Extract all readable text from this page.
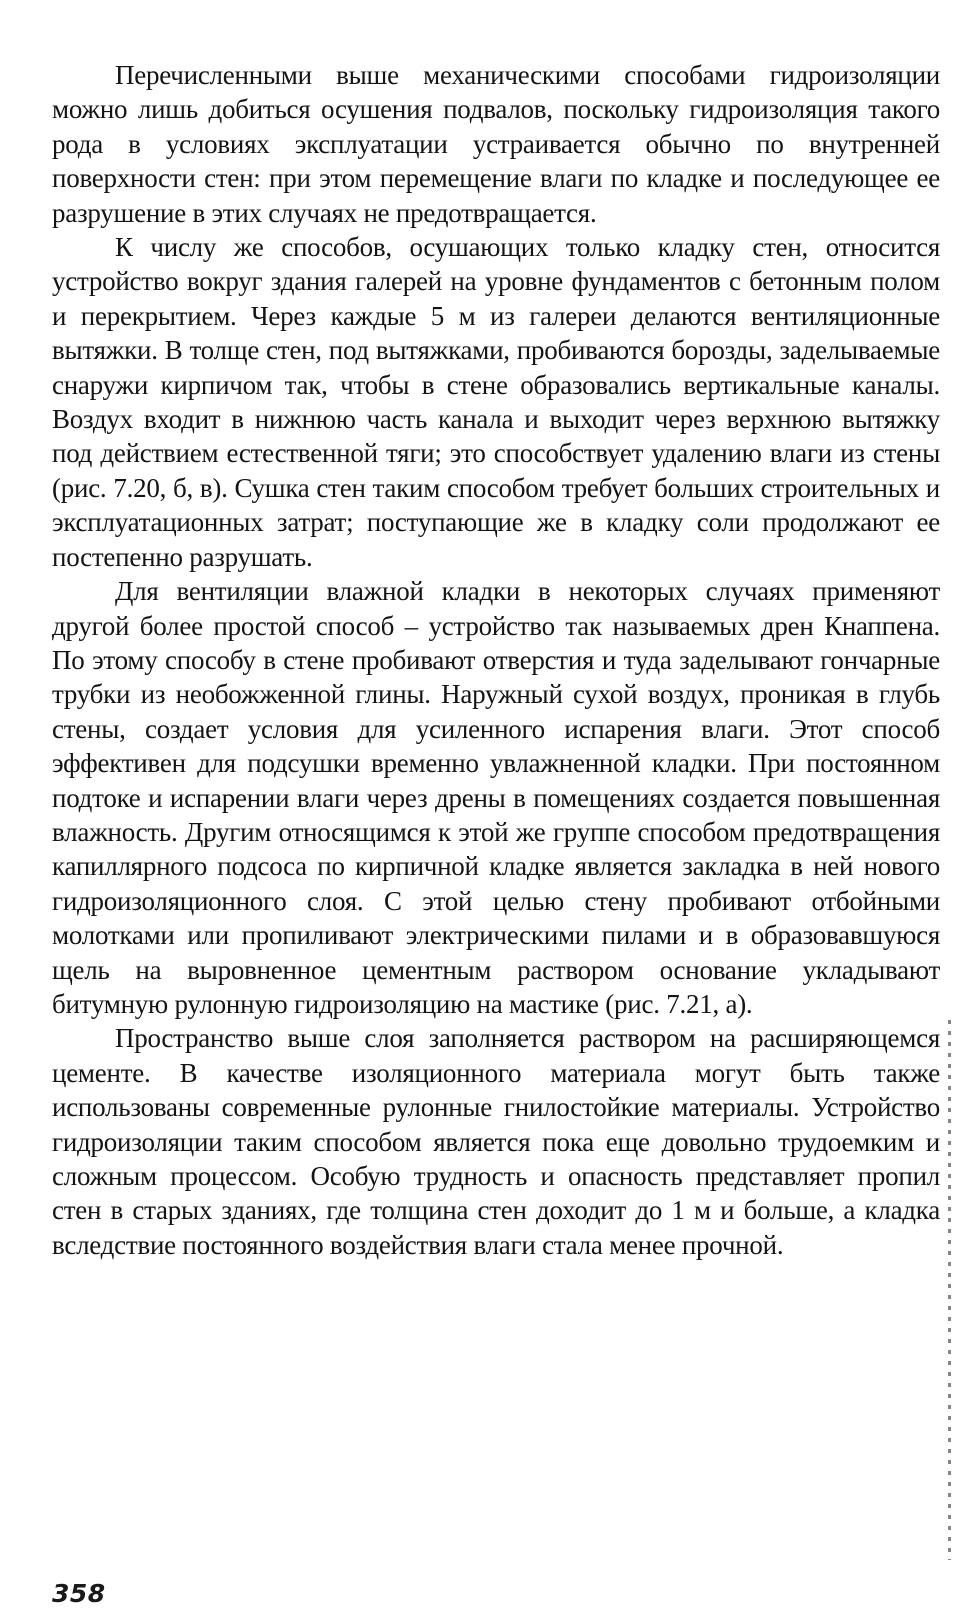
Перечисленными выше механическими способами гидроизоляции можно лишь добиться осушения подвалов, поскольку гидроизоляция такого рода в условиях эксплуатации устраивается обычно по внутренней поверхности стен: при этом перемещение влаги по кладке и последующее ее разрушение в этих случаях не предотвращается.

К числу же способов, осушающих только кладку стен, относится устройство вокруг здания галерей на уровне фундаментов с бетонным полом и перекрытием. Через каждые 5 м из галереи делаются вентиляционные вытяжки. В толще стен, под вытяжками, пробиваются борозды, заделываемые снаружи кирпичом так, чтобы в стене образовались вертикальные каналы. Воздух входит в нижнюю часть канала и выходит через верхнюю вытяжку под действием естественной тяги; это способствует удалению влаги из стены (рис. 7.20, б, в). Сушка стен таким способом требует больших строительных и эксплуатационных затрат; поступающие же в кладку соли продолжают ее постепенно разрушать.

Для вентиляции влажной кладки в некоторых случаях применяют другой более простой способ – устройство так называемых дрен Кнаппена. По этому способу в стене пробивают отверстия и туда заделывают гончарные трубки из необожженной глины. Наружный сухой воздух, проникая в глубь стены, создает условия для усиленного испарения влаги. Этот способ эффективен для подсушки временно увлажненной кладки. При постоянном подтоке и испарении влаги через дрены в помещениях создается повышенная влажность. Другим относящимся к этой же группе способом предотвращения капиллярного подсоса по кирпичной кладке является закладка в ней нового гидроизоляционного слоя. С этой целью стену пробивают отбойными молотками или пропиливают электрическими пилами и в образовавшуюся щель на выровненное цементным раствором основание укладывают битумную рулонную гидроизоляцию на мастике (рис. 7.21, а).

Пространство выше слоя заполняется раствором на расширяющемся цементе. В качестве изоляционного материала могут быть также использованы современные рулонные гнилостойкие материалы. Устройство гидроизоляции таким способом является пока еще довольно трудоемким и сложным процессом. Особую трудность и опасность представляет пропил стен в старых зданиях, где толщина стен доходит до 1 м и больше, а кладка вследствие постоянного воздействия влаги стала менее прочной.

358
